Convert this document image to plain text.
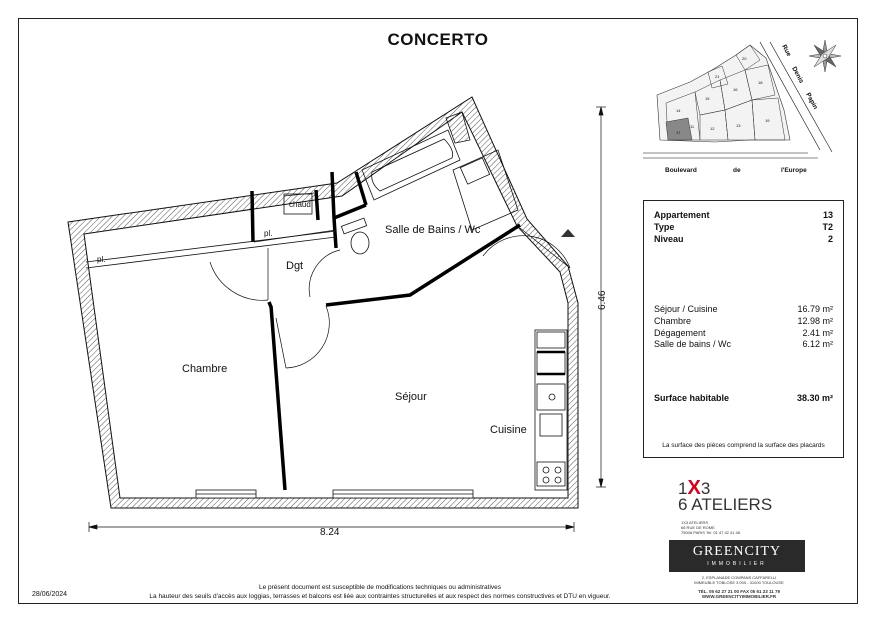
CONCERTO
Salle de Bains / Wc
Dgt
Chambre
Séjour
Cuisine
chaud
pl.
pl.
8.24
6.46
Boulevard	de	l'Europe
Rue
Denis
Papin
14
17
15
16
18
12
13
19
20
21
11
Appartement	13
Type	T2
Niveau	2
Séjour / Cuisine	16.79 m²
Chambre	12.98 m²
Dégagement	2.41 m²
Salle de bains / Wc	6.12 m²
Surface habitable	38.30 m²
La surface des pièces comprend la surface des placards
1X3
6 ATELIERS
1X3 ATELIERS
66 RUE DE ROME
75008 PARIS Tel. 01 47 42 41 48
GREENCITY
IMMOBILIER
2, ESPLANADE COMPANS CAFFARELLI
IMMEUBLE TOBLOSE 3 000 - 31000 TOULOUSE
TÉL. 05 62 27 21 00 FAX 05 61 23 11 79 WWW.GREENCITYIMMOBILIER.FR
28/06/2024
Le présent document est susceptible de modifications techniques ou administratives
La hauteur des seuils d'accès aux loggias, terrasses et balcons est liée aux contraintes structurelles et aux respect des normes constructives et DTU en vigueur.
